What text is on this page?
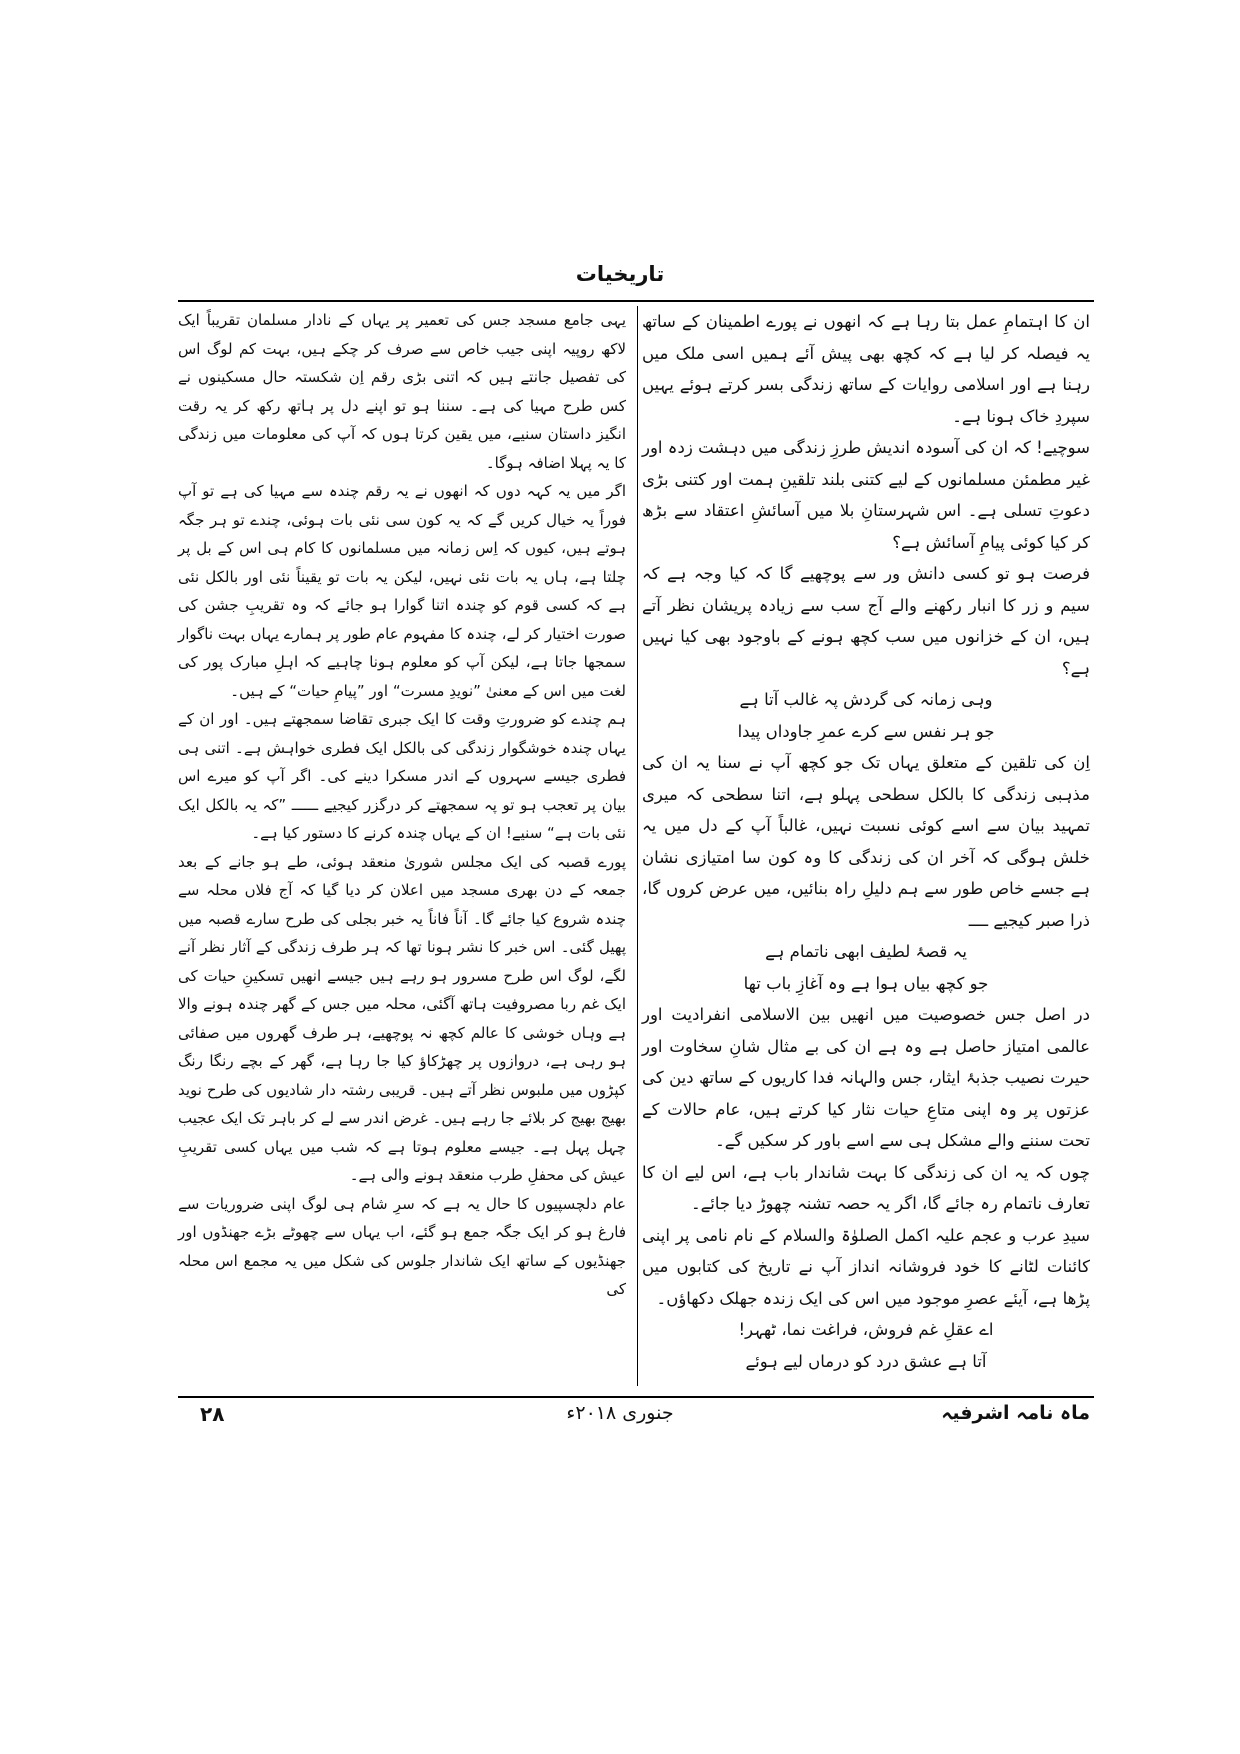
تاریخیات

ان کا اہتمامِ عمل بتا رہا ہے کہ انھوں نے پورے اطمینان کے ساتھ یہ فیصلہ کر لیا ہے کہ کچھ بھی پیش آئے ہمیں اسی ملک میں رہنا ہے اور اسلامی روایات کے ساتھ زندگی بسر کرتے ہوئے یہیں سپردِ خاک ہونا ہے۔

سوچیے! کہ ان کی آسودہ اندیش طرزِ زندگی میں دہشت زدہ اور غیر مطمئن مسلمانوں کے لیے کتنی بلند تلقینِ ہمت اور کتنی بڑی دعوتِ تسلی ہے۔ اس شہرستانِ بلا میں آسائشِ اعتقاد سے بڑھ کر کیا کوئی پیامِ آسائش ہے؟

فرصت ہو تو کسی دانش ور سے پوچھیے گا کہ کیا وجہ ہے کہ سیم و زر کا انبار رکھنے والے آج سب سے زیادہ پریشان نظر آتے ہیں، ان کے خزانوں میں سب کچھ ہونے کے باوجود بھی کیا نہیں ہے؟

وہی زمانہ کی گردش پہ غالب آتا ہے

جو ہر نفس سے کرے عمرِ جاوداں پیدا

اِن کی تلقین کے متعلق یہاں تک جو کچھ آپ نے سنا یہ ان کی مذہبی زندگی کا بالکل سطحی پہلو ہے، اتنا سطحی کہ میری تمہید بیان سے اسے کوئی نسبت نہیں، غالباً آپ کے دل میں یہ خلش ہوگی کہ آخر ان کی زندگی کا وہ کون سا امتیازی نشان ہے جسے خاص طور سے ہم دلیلِ راہ بنائیں، میں عرض کروں گا، ذرا صبر کیجیے ــــ

یہ قصۂ لطیف ابھی ناتمام ہے

جو کچھ بیاں ہوا ہے وہ آغازِ باب تھا

در اصل جس خصوصیت میں انھیں بین الاسلامی انفرادیت اور عالمی امتیاز حاصل ہے وہ ہے ان کی بے مثال شانِ سخاوت اور حیرت نصیب جذبۂ ایثار، جس والہانہ فدا کاریوں کے ساتھ دین کی عزتوں پر وہ اپنی متاعِ حیات نثار کیا کرتے ہیں، عام حالات کے تحت سننے والے مشکل ہی سے اسے باور کر سکیں گے۔

چوں کہ یہ ان کی زندگی کا بہت شاندار باب ہے، اس لیے ان کا تعارف ناتمام رہ جائے گا، اگر یہ حصہ تشنہ چھوڑ دیا جائے۔

سیدِ عرب و عجم علیہ اکمل الصلوٰۃ والسلام کے نام نامی پر اپنی کائنات لٹانے کا خود فروشانہ انداز آپ نے تاریخ کی کتابوں میں پڑھا ہے، آیئے عصرِ موجود میں اس کی ایک زندہ جھلک دکھاؤں۔

اے عقلِ غم فروش، فراغت نما، ٹھہر!

آتا ہے عشق درد کو درماں لیے ہوئے

یہی جامع مسجد جس کی تعمیر پر یہاں کے نادار مسلمان تقریباً ایک لاکھ روپیہ اپنی جیب خاص سے صرف کر چکے ہیں، بہت کم لوگ اس کی تفصیل جانتے ہیں کہ اتنی بڑی رقم اِن شکستہ حال مسکینوں نے کس طرح مہیا کی ہے۔ سننا ہو تو اپنے دل پر ہاتھ رکھ کر یہ رقت انگیز داستان سنیے، میں یقین کرتا ہوں کہ آپ کی معلومات میں زندگی کا یہ پہلا اضافہ ہوگا۔

اگر میں یہ کہہ دوں کہ انھوں نے یہ رقم چندہ سے مہیا کی ہے تو آپ فوراً یہ خیال کریں گے کہ یہ کون سی نئی بات ہوئی، چندے تو ہر جگہ ہوتے ہیں، کیوں کہ اِس زمانہ میں مسلمانوں کا کام ہی اس کے بل پر چلتا ہے، ہاں یہ بات نئی نہیں، لیکن یہ بات تو یقیناً نئی اور بالکل نئی ہے کہ کسی قوم کو چندہ اتنا گوارا ہو جائے کہ وہ تقریبِ جشن کی صورت اختیار کر لے، چندہ کا مفہوم عام طور پر ہمارے یہاں بہت ناگوار سمجھا جاتا ہے، لیکن آپ کو معلوم ہونا چاہیے کہ اہلِ مبارک پور کی لغت میں اس کے معنیٰ ”نویدِ مسرت“ اور ”پیامِ حیات“ کے ہیں۔

ہم چندے کو ضرورتِ وقت کا ایک جبری تقاضا سمجھتے ہیں۔ اور ان کے یہاں چندہ خوشگوار زندگی کی بالکل ایک فطری خواہش ہے۔ اتنی ہی فطری جیسے سہروں کے اندر مسکرا دینے کی۔ اگر آپ کو میرے اس بیان پر تعجب ہو تو پہ سمجھتے کر درگزر کیجیے ــــــ ”کہ یہ بالکل ایک نئی بات ہے“ سنیے! ان کے یہاں چندہ کرنے کا دستور کیا ہے۔

پورے قصبہ کی ایک مجلس شوریٰ منعقد ہوئی، طے ہو جانے کے بعد جمعہ کے دن بھری مسجد میں اعلان کر دیا گیا کہ آج فلاں محلہ سے چندہ شروع کیا جائے گا۔ آناً فاناً یہ خبر بجلی کی طرح سارے قصبہ میں پھیل گئی۔ اس خبر کا نشر ہونا تھا کہ ہر طرف زندگی کے آثار نظر آنے لگے، لوگ اس طرح مسرور ہو رہے ہیں جیسے انھیں تسکینِ حیات کی ایک غم ربا مصروفیت ہاتھ آگئی، محلہ میں جس کے گھر چندہ ہونے والا ہے وہاں خوشی کا عالم کچھ نہ پوچھیے، ہر طرف گھروں میں صفائی ہو رہی ہے، دروازوں پر چھڑکاؤ کیا جا رہا ہے، گھر کے بچے رنگا رنگ کپڑوں میں ملبوس نظر آتے ہیں۔ قریبی رشتہ دار شادیوں کی طرح نوید بھیج بھیج کر بلائے جا رہے ہیں۔ غرض اندر سے لے کر باہر تک ایک عجیب چہل پہل ہے۔ جیسے معلوم ہوتا ہے کہ شب میں یہاں کسی تقریبِ عیش کی محفلِ طرب منعقد ہونے والی ہے۔

عام دلچسپیوں کا حال یہ ہے کہ سرِ شام ہی لوگ اپنی ضروریات سے فارغ ہو کر ایک جگہ جمع ہو گئے، اب یہاں سے چھوٹے بڑے جھنڈوں اور جھنڈیوں کے ساتھ ایک شاندار جلوس کی شکل میں یہ مجمع اس محلہ کی

ماہ نامہ اشرفیہ
جنوری ۲۰۱۸ء
۲۸
